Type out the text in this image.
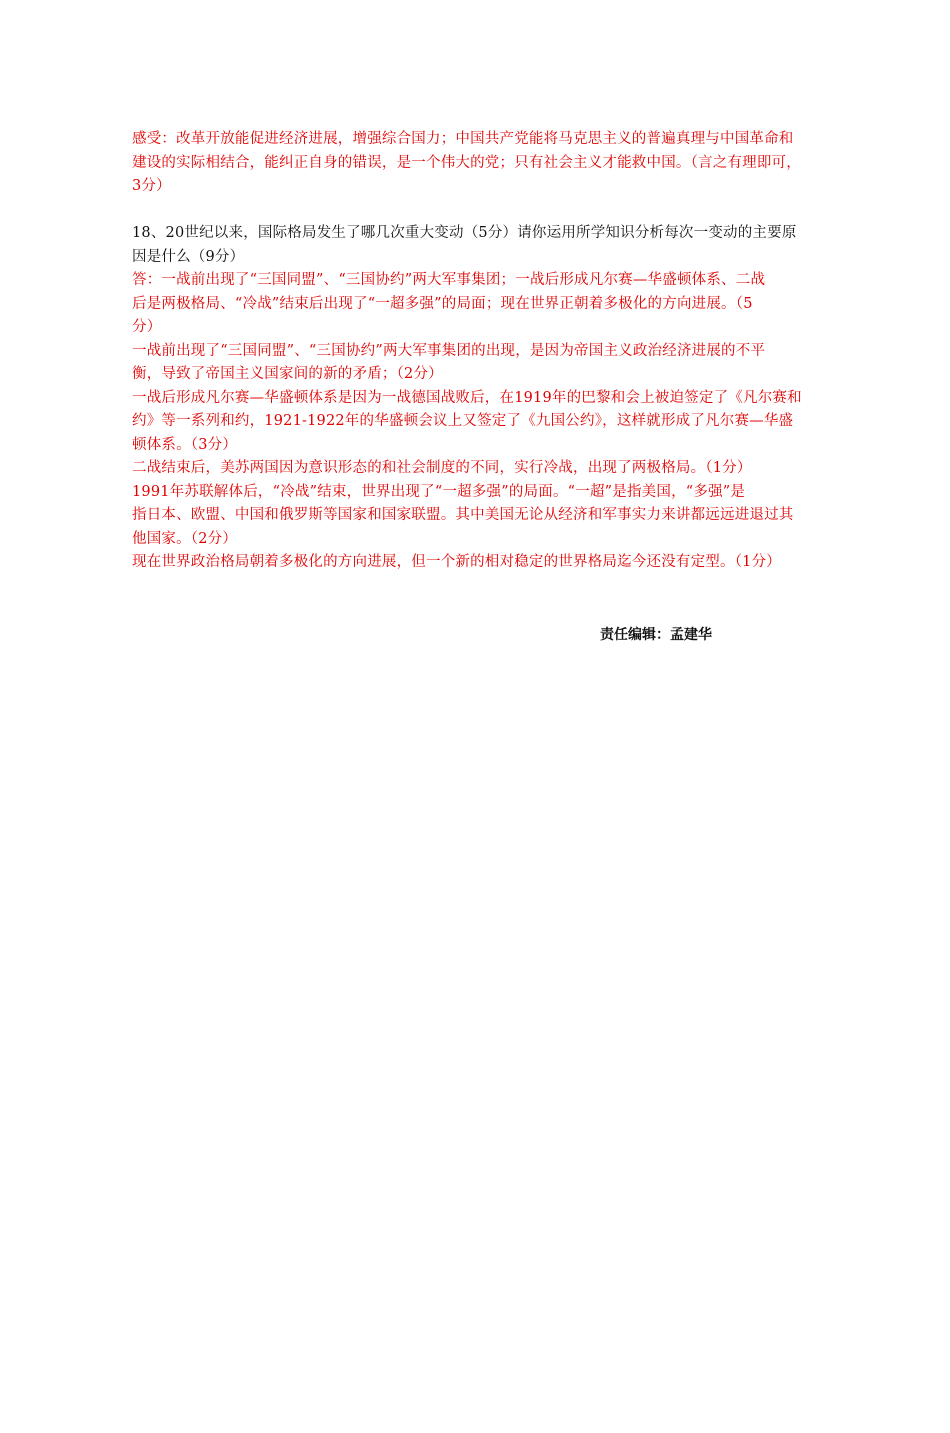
感受：改革开放能促进经济进展，增强综合国力；中国共产党能将马克思主义的普遍真理与中国革命和
建设的实际相结合，能纠正自身的错误，是一个伟大的党；只有社会主义才能救中国。（言之有理即可，
3分）
18、20世纪以来，国际格局发生了哪几次重大变动（5分）请你运用所学知识分析每次一变动的主要原
因是什么（9分）
答：一战前出现了“三国同盟”、“三国协约”两大军事集团；一战后形成凡尔赛—华盛顿体系、二战
后是两极格局、“冷战”结束后出现了“一超多强”的局面；现在世界正朝着多极化的方向进展。（5
分）
一战前出现了“三国同盟”、“三国协约”两大军事集团的出现，是因为帝国主义政治经济进展的不平
衡，导致了帝国主义国家间的新的矛盾；（2分）
一战后形成凡尔赛—华盛顿体系是因为一战德国战败后，在1919年的巴黎和会上被迫签定了《凡尔赛和
约》等一系列和约，1921-1922年的华盛顿会议上又签定了《九国公约》，这样就形成了凡尔赛—华盛
顿体系。（3分）
二战结束后，美苏两国因为意识形态的和社会制度的不同，实行冷战，出现了两极格局。（1分）
1991年苏联解体后，“冷战”结束，世界出现了“一超多强”的局面。“一超”是指美国，“多强”是
指日本、欧盟、中国和俄罗斯等国家和国家联盟。其中美国无论从经济和军事实力来讲都远远进退过其
他国家。（2分）
现在世界政治格局朝着多极化的方向进展，但一个新的相对稳定的世界格局迄今还没有定型。（1分）
责任编辑：孟建华
